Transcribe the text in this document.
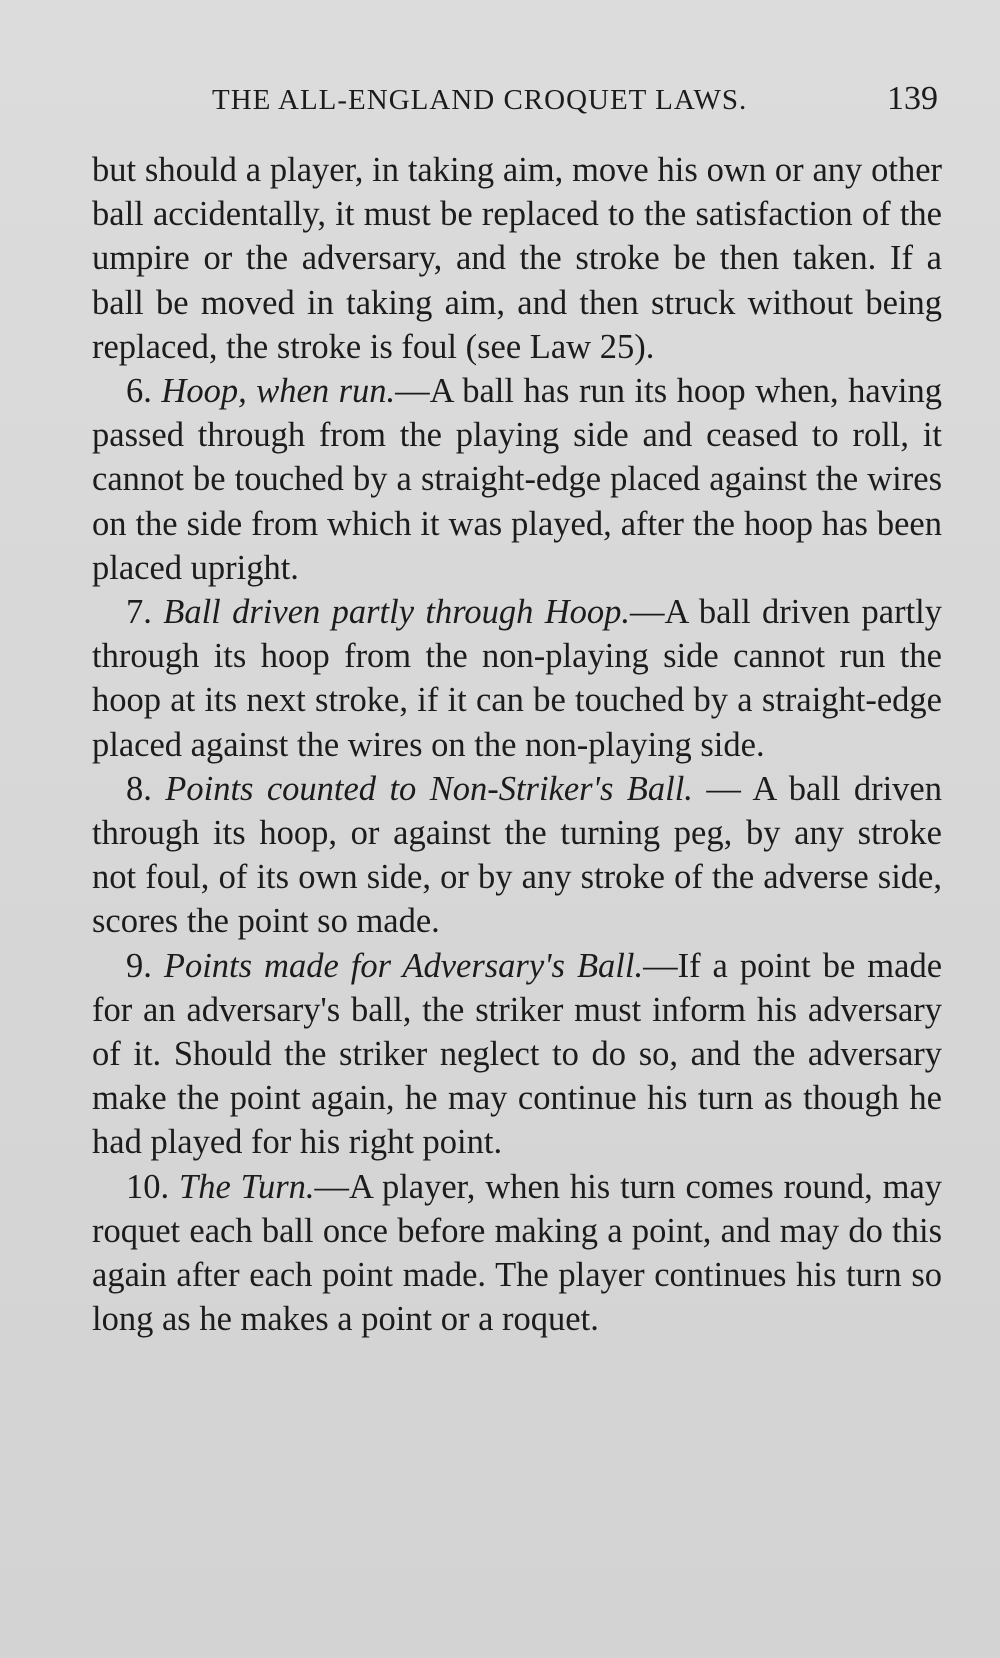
THE ALL-ENGLAND CROQUET LAWS.	139

but should a player, in taking aim, move his own or any other ball accidentally, it must be replaced to the satisfaction of the umpire or the adversary, and the stroke be then taken. If a ball be moved in taking aim, and then struck without being replaced, the stroke is foul (see Law 25).

6. Hoop, when run.—A ball has run its hoop when, having passed through from the playing side and ceased to roll, it cannot be touched by a straight-edge placed against the wires on the side from which it was played, after the hoop has been placed upright.

7. Ball driven partly through Hoop.—A ball driven partly through its hoop from the non-playing side cannot run the hoop at its next stroke, if it can be touched by a straight-edge placed against the wires on the non-playing side.

8. Points counted to Non-Striker's Ball. — A ball driven through its hoop, or against the turning peg, by any stroke not foul, of its own side, or by any stroke of the adverse side, scores the point so made.

9. Points made for Adversary's Ball.—If a point be made for an adversary's ball, the striker must inform his adversary of it. Should the striker neglect to do so, and the adversary make the point again, he may continue his turn as though he had played for his right point.

10. The Turn.—A player, when his turn comes round, may roquet each ball once before making a point, and may do this again after each point made. The player continues his turn so long as he makes a point or a roquet.
